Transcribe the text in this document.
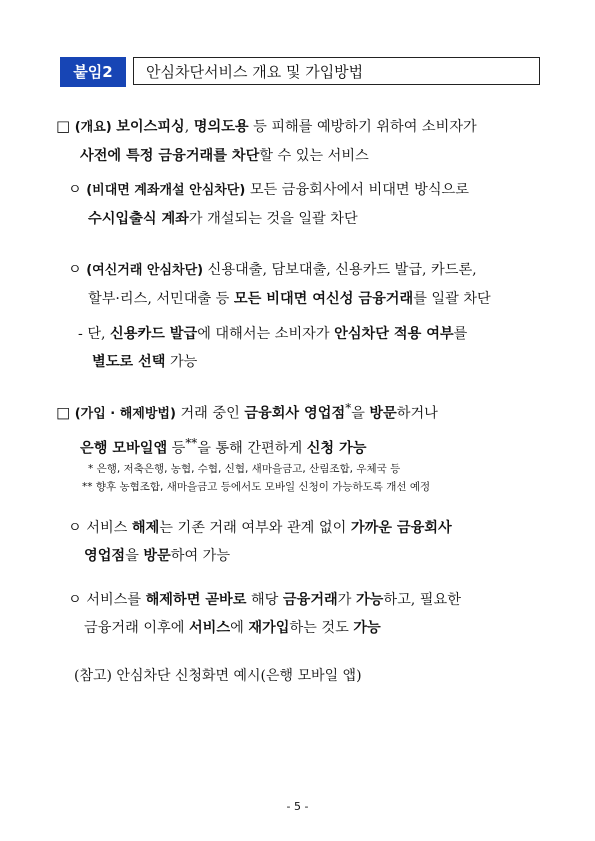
붙임2	안심차단서비스 개요 및 가입방법
□ (개요) 보이스피싱, 명의도용 등 피해를 예방하기 위하여 소비자가
사전에 특정 금융거래를 차단할 수 있는 서비스
ㅇ (비대면 계좌개설 안심차단) 모든 금융회사에서 비대면 방식으로
수시입출식 계좌가 개설되는 것을 일괄 차단
ㅇ (여신거래 안심차단) 신용대출, 담보대출, 신용카드 발급, 카드론,
할부·리스, 서민대출 등 모든 비대면 여신성 금융거래를 일괄 차단
- 단, 신용카드 발급에 대해서는 소비자가 안심차단 적용 여부를
별도로 선택 가능
□ (가입 · 해제방법) 거래 중인 금융회사 영업점*을 방문하거나
은행 모바일앱 등**을 통해 간편하게 신청 가능
* 은행, 저축은행, 농협, 수협, 신협, 새마을금고, 산림조합, 우체국 등
** 향후 농협조합, 새마을금고 등에서도 모바일 신청이 가능하도록 개선 예정
ㅇ 서비스 해제는 기존 거래 여부와 관계 없이 가까운 금융회사
영업점을 방문하여 가능
ㅇ 서비스를 해제하면 곧바로 해당 금융거래가 가능하고, 필요한
금융거래 이후에 서비스에 재가입하는 것도 가능
(참고) 안심차단 신청화면 예시(은행 모바일 앱)
- 5 -
